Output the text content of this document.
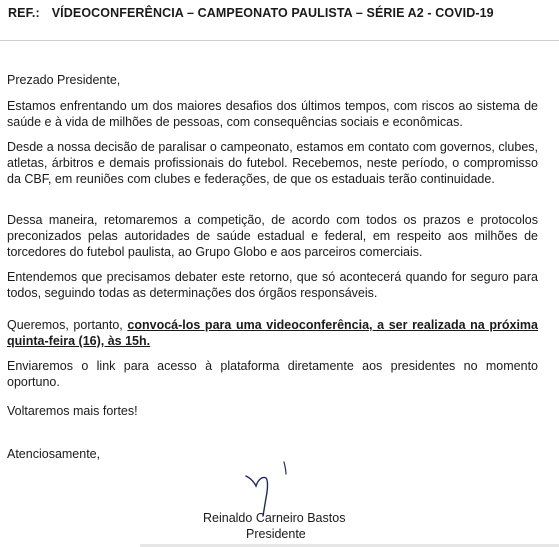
REF.: VÍDEOCONFERÊNCIA – CAMPEONATO PAULISTA – SÉRIE A2 - COVID-19
Prezado Presidente,
Estamos enfrentando um dos maiores desafios dos últimos tempos, com riscos ao sistema de saúde e à vida de milhões de pessoas, com consequências sociais e econômicas.
Desde a nossa decisão de paralisar o campeonato, estamos em contato com governos, clubes, atletas, árbitros e demais profissionais do futebol. Recebemos, neste período, o compromisso da CBF, em reuniões com clubes e federações, de que os estaduais terão continuidade.
Dessa maneira, retomaremos a competição, de acordo com todos os prazos e protocolos preconizados pelas autoridades de saúde estadual e federal, em respeito aos milhões de torcedores do futebol paulista, ao Grupo Globo e aos parceiros comerciais.
Entendemos que precisamos debater este retorno, que só acontecerá quando for seguro para todos, seguindo todas as determinações dos órgãos responsáveis.
Queremos, portanto, convocá-los para uma videoconferência, a ser realizada na próxima quinta-feira (16), às 15h.
Enviaremos o link para acesso à plataforma diretamente aos presidentes no momento oportuno.
Voltaremos mais fortes!
Atenciosamente,
Reinaldo Carneiro Bastos
Presidente
